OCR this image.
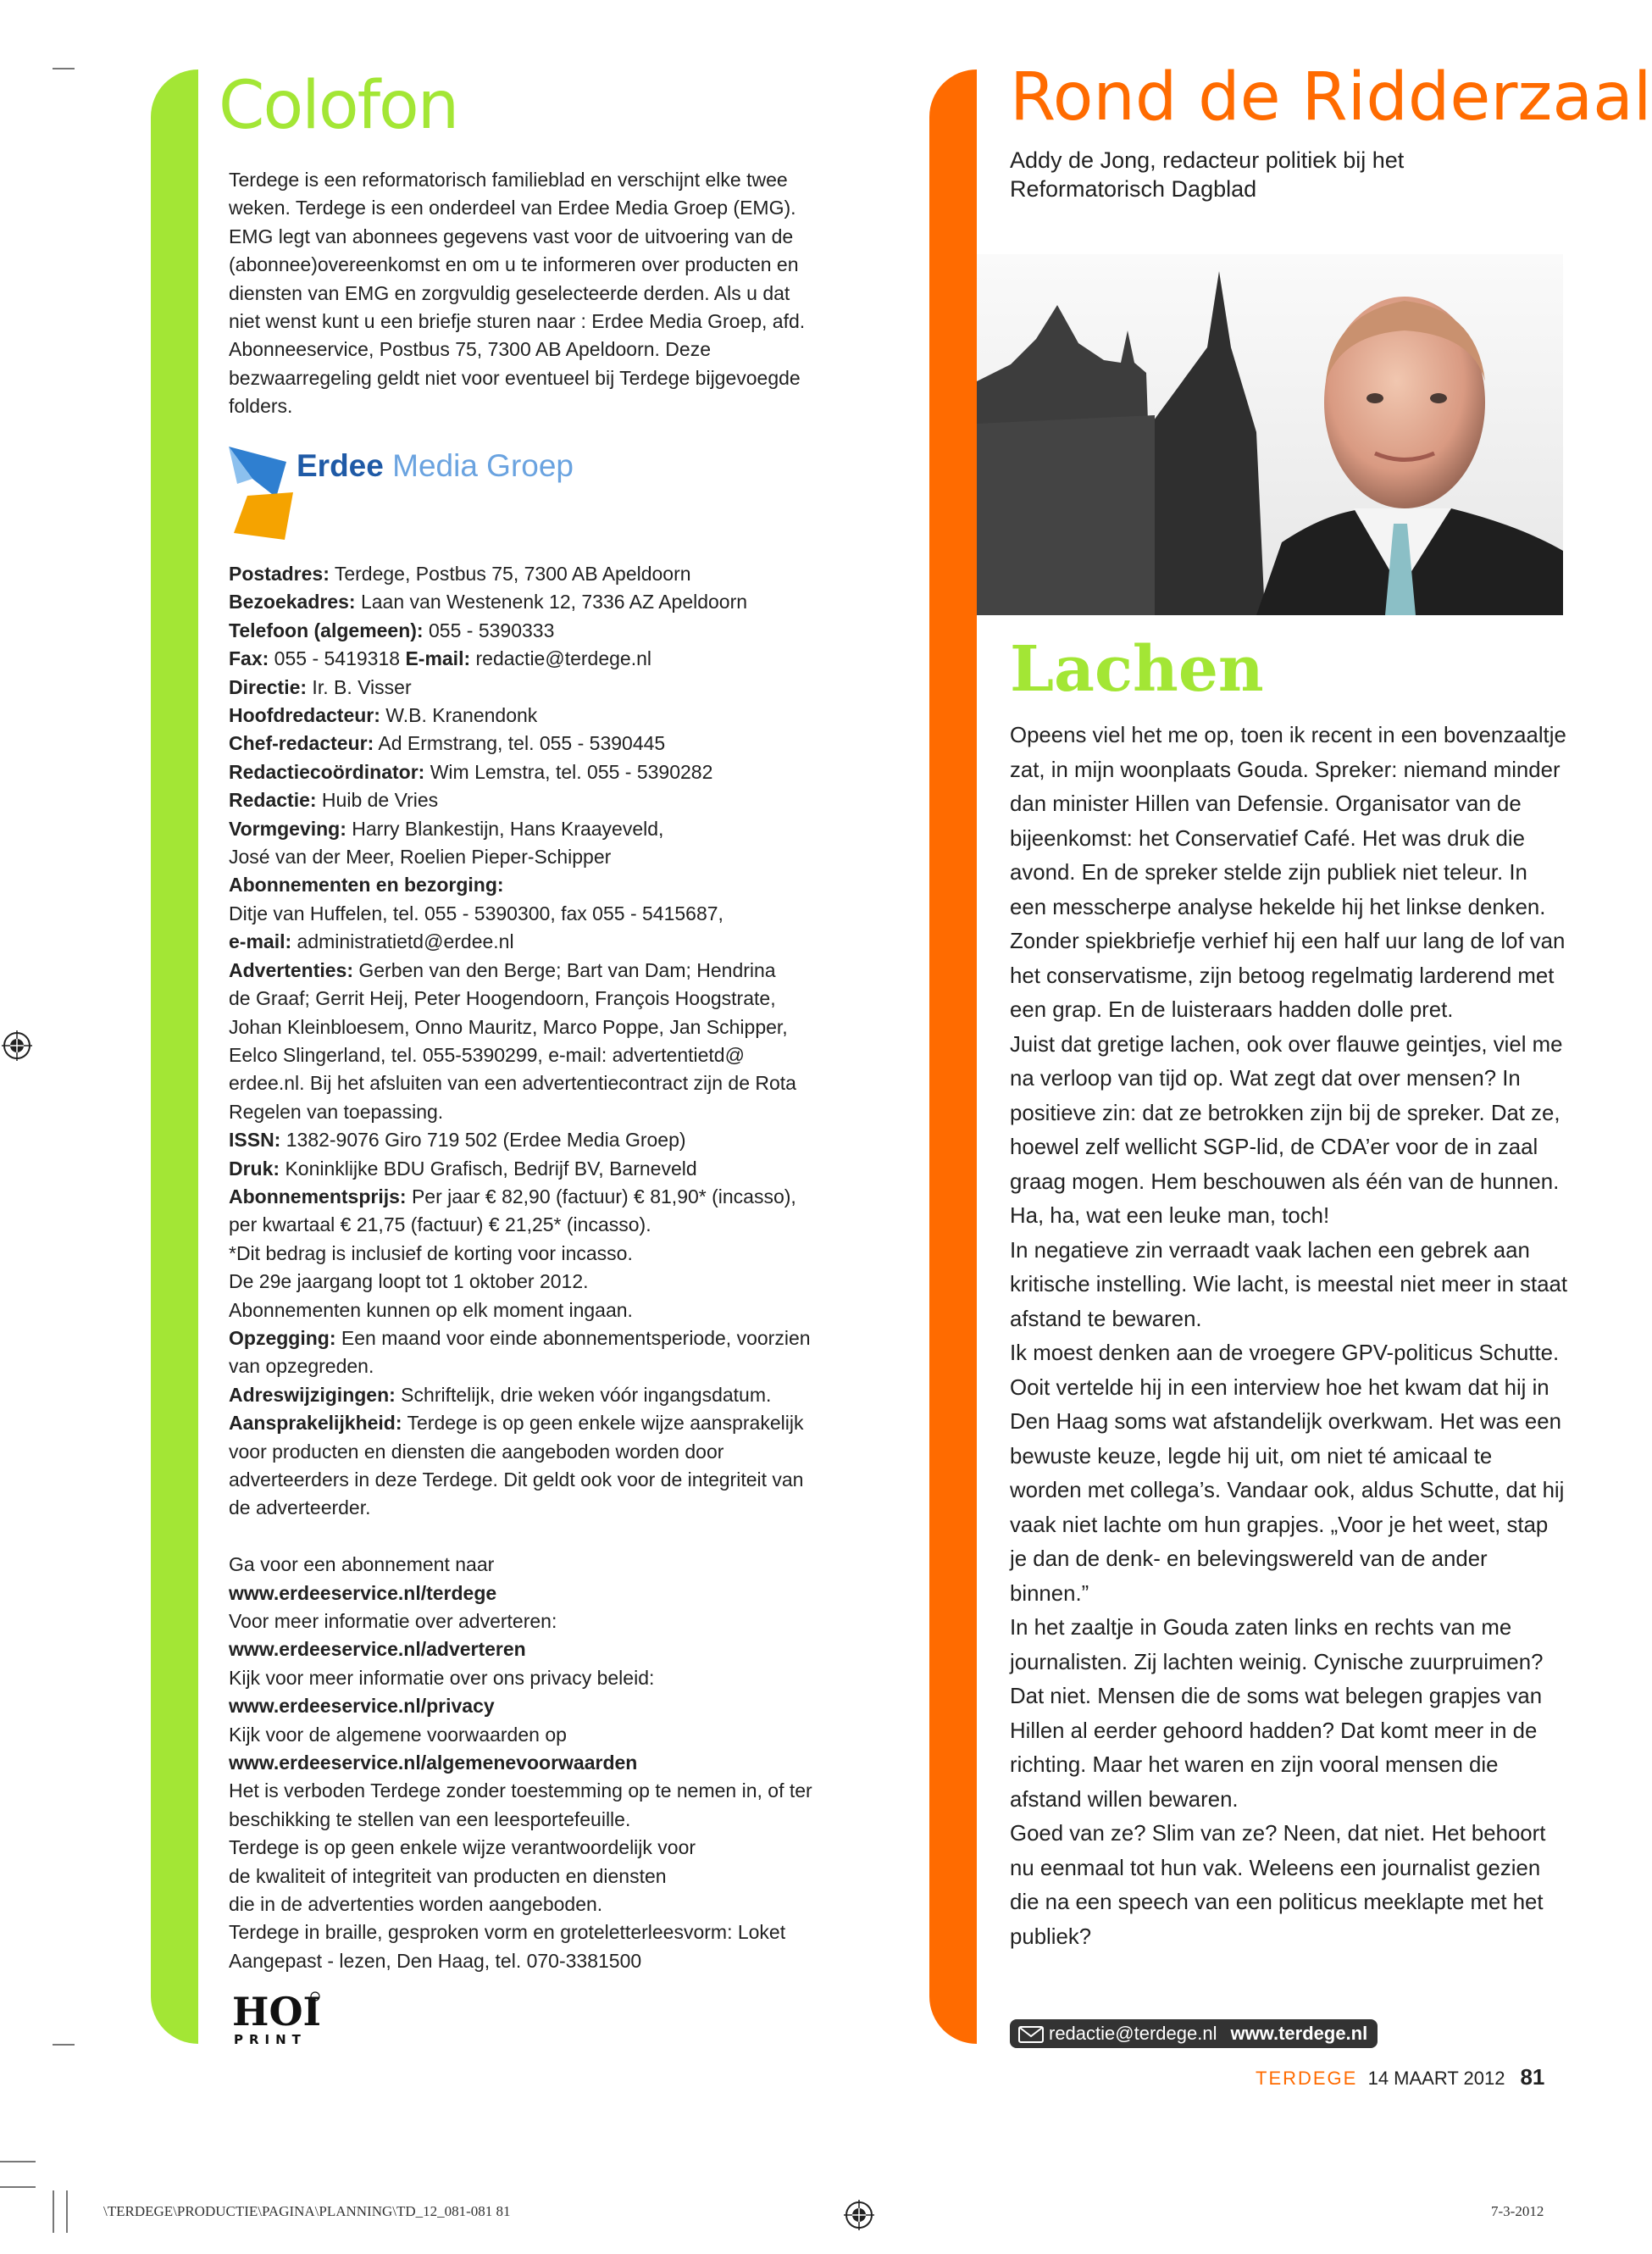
Colofon

Terdege is een reformatorisch familieblad en verschijnt elke twee weken. Terdege is een onderdeel van Erdee Media Groep (EMG). EMG legt van abonnees gegevens vast voor de uitvoering van de (abonnee)overeenkomst en om u te informeren over producten en diensten van EMG en zorgvuldig geselecteerde derden. Als u dat niet wenst kunt u een briefje sturen naar : Erdee Media Groep, afd. Abonneeservice, Postbus 75, 7300 AB Apeldoorn. Deze bezwaarregeling geldt niet voor eventueel bij Terdege bijgevoegde folders.

Erdee Media Groep

Postadres: Terdege, Postbus 75, 7300 AB Apeldoorn

Bezoekadres: Laan van Westenenk 12, 7336 AZ Apeldoorn

Telefoon (algemeen): 055 - 5390333

Fax: 055 - 5419318 E-mail: redactie@terdege.nl

Directie: Ir. B. Visser

Hoofdredacteur: W.B. Kranendonk

Chef-redacteur: Ad Ermstrang, tel. 055 - 5390445

Redactiecoördinator: Wim Lemstra, tel. 055 - 5390282

Redactie: Huib de Vries

Vormgeving: Harry Blankestijn, Hans Kraayeveld,

José van der Meer, Roelien Pieper-Schipper

Abonnementen en bezorging:

Ditje van Huffelen, tel. 055 - 5390300, fax 055 - 5415687,

e-mail: administratietd@erdee.nl

Advertenties: Gerben van den Berge; Bart van Dam; Hendrina

de Graaf; Gerrit Heij, Peter Hoogendoorn, François Hoogstrate,

Johan Kleinbloesem, Onno Mauritz, Marco Poppe, Jan Schipper, Eelco Slingerland, tel. 055-5390299, e-mail: advertentietd@

erdee.nl. Bij het afsluiten van een advertentiecontract zijn de Rota

Regelen van toepassing.

ISSN: 1382-9076 Giro 719 502 (Erdee Media Groep)

Druk: Koninklijke BDU Grafisch, Bedrijf BV, Barneveld

Abonnementsprijs: Per jaar € 82,90 (factuur) € 81,90* (incasso),

per kwartaal € 21,75 (factuur) € 21,25* (incasso).

*Dit bedrag is inclusief de korting voor incasso.

De 29e jaargang loopt tot 1 oktober 2012.

Abonnementen kunnen op elk moment ingaan.

Opzegging: Een maand voor einde abonnementsperiode, voorzien van opzegreden.

Adreswijzigingen: Schriftelijk, drie weken vóór ingangsdatum.

Aansprakelijkheid: Terdege is op geen enkele wijze aansprakelijk voor producten en diensten die aangeboden worden door adverteerders in deze Terdege. Dit geldt ook voor de integriteit van de adverteerder.

Ga voor een abonnement naar

www.erdeeservice.nl/terdege

Voor meer informatie over adverteren:

www.erdeeservice.nl/adverteren

Kijk voor meer informatie over ons privacy beleid:

www.erdeeservice.nl/privacy

Kijk voor de algemene voorwaarden op

www.erdeeservice.nl/algemenevoorwaarden

Het is verboden Terdege zonder toestemming op te nemen in, of ter beschikking te stellen van een leesportefeuille.

Terdege is op geen enkele wijze verantwoordelijk voor

de kwaliteit of integriteit van producten en diensten

die in de advertenties worden aangeboden.

Terdege in braille, gesproken vorm en groteletterleesvorm: Loket Aangepast - lezen, Den Haag, tel. 070-3381500

HOI
PRINT
Rond de Ridderzaal

Addy de Jong, redacteur politiek bij het Reformatorisch Dagblad

Lachen

Opeens viel het me op, toen ik recent in een bovenzaaltje zat, in mijn woonplaats Gouda. Spreker: niemand minder dan minister Hillen van Defensie. Organisator van de bijeenkomst: het Conservatief Café. Het was druk die avond. En de spreker stelde zijn publiek niet teleur. In een messcherpe analyse hekelde hij het linkse denken. Zonder spiekbriefje verhief hij een half uur lang de lof van het conservatisme, zijn betoog regelmatig larderend met een grap. En de luisteraars hadden dolle pret.

Juist dat gretige lachen, ook over flauwe geintjes, viel me na verloop van tijd op. Wat zegt dat over mensen? In positieve zin: dat ze betrokken zijn bij de spreker. Dat ze, hoewel zelf wellicht SGP-lid, de CDA’er voor de in zaal graag mogen. Hem beschouwen als één van de hunnen. Ha, ha, wat een leuke man, toch!

In negatieve zin verraadt vaak lachen een gebrek aan kritische instelling. Wie lacht, is meestal niet meer in staat afstand te bewaren.

Ik moest denken aan de vroegere GPV-politicus Schutte. Ooit vertelde hij in een interview hoe het kwam dat hij in Den Haag soms wat afstandelijk overkwam. Het was een bewuste keuze, legde hij uit, om niet té amicaal te worden met collega’s. Vandaar ook, aldus Schutte, dat hij vaak niet lachte om hun grapjes. „Voor je het weet, stap je dan de denk- en belevingswereld van de ander binnen.”

In het zaaltje in Gouda zaten links en rechts van me journalisten. Zij lachten weinig. Cynische zuurpruimen? Dat niet. Mensen die de soms wat belegen grapjes van Hillen al eerder gehoord hadden? Dat komt meer in de richting. Maar het waren en zijn vooral mensen die afstand willen bewaren.

Goed van ze? Slim van ze? Neen, dat niet. Het behoort nu eenmaal tot hun vak. Weleens een journalist gezien die na een speech van een politicus meeklapte met het publiek?

redactie@terdege.nl www.terdege.nl
TERDEGE 14 MAART 2012 81
\TERDEGE\PRODUCTIE\PAGINA\PLANNING\TD_12_081-081 81	7-3-2012
